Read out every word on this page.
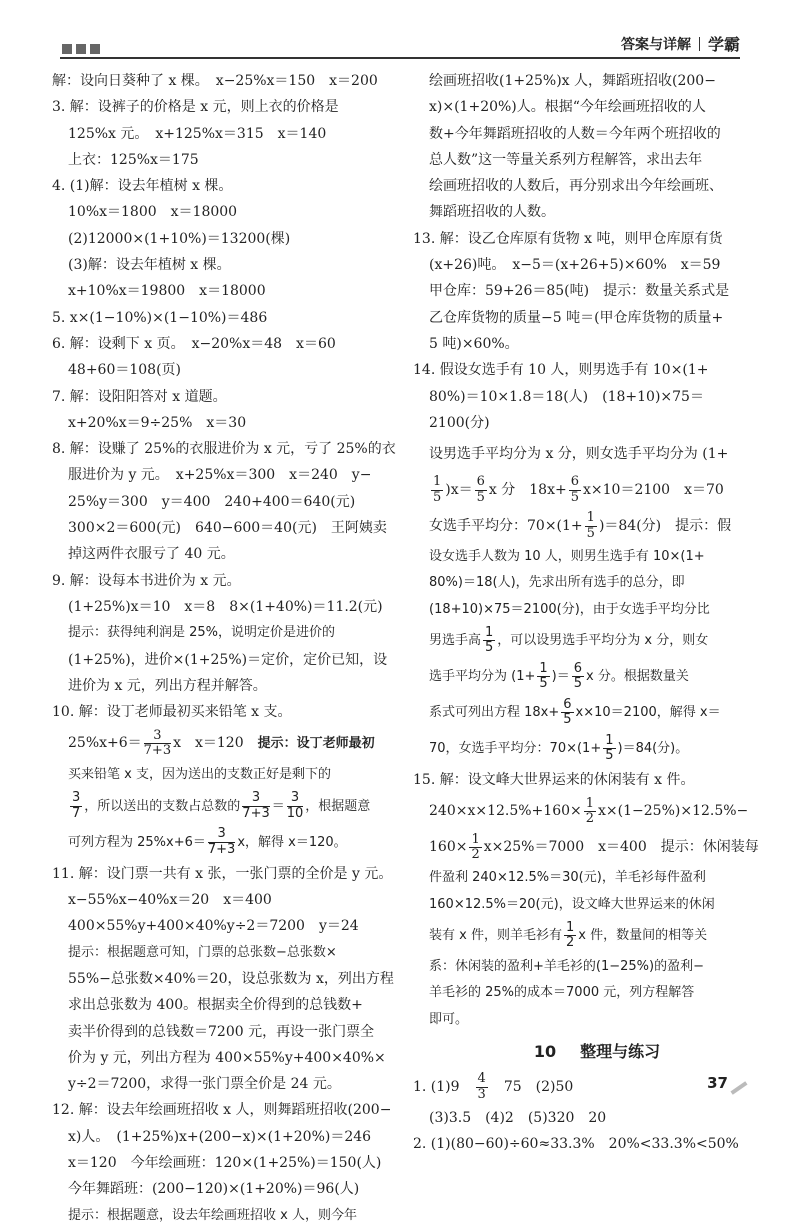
答案与详解 学霸
解：设向日葵种了 x 棵。　x−25%x＝150　x＝200
3. 解：设裤子的价格是 x 元，则上衣的价格是
125%x 元。　x+125%x＝315　x＝140
上衣：125%x＝175
4. (1)解：设去年植树 x 棵。
10%x＝1800　x＝18000
(2)12000×(1+10%)＝13200(棵)
(3)解：设去年植树 x 棵。
x+10%x＝19800　x＝18000
5. x×(1−10%)×(1−10%)＝486
6. 解：设剩下 x 页。　x−20%x＝48　x＝60
48+60＝108(页)
7. 解：设阳阳答对 x 道题。
x+20%x＝9÷25%　x＝30
8. 解：设赚了 25%的衣服进价为 x 元，亏了 25%的衣
服进价为 y 元。　x+25%x＝300　x＝240　y−
25%y＝300　y＝400　240+400＝640(元)
300×2＝600(元)　640−600＝40(元)　王阿姨卖
掉这两件衣服亏了 40 元。
9. 解：设每本书进价为 x 元。
(1+25%)x＝10　x＝8　8×(1+40%)＝11.2(元)
提示：获得纯利润是 25%，说明定价是进价的
(1+25%)，进价×(1+25%)＝定价，定价已知，设
进价为 x 元，列出方程并解答。
10. 解：设丁老师最初买来铅笔 x 支。
$25\%x+6= \frac{3}{7+3}$ x　x＝120　提示：设丁老师最初
买来铅笔 x 支，因为送出的支数正好是剩下的
$\frac{3}{7}$ ，所以送出的支数占总数的 $\frac{3}{7+3} = \frac{3}{10}$ ，根据题意
可列方程为 $25\%x+6= \frac{3}{7+3}$ x，解得 x＝120。
11. 解：设门票一共有 x 张，一张门票的全价是 y 元。
x−55%x−40%x＝20　x＝400
400×55%y+400×40%y÷2＝7200　y＝24
提示：根据题意可知，门票的总张数−总张数×
55%−总张数×40%＝20，设总张数为 x，列出方程
求出总张数为 400。根据卖全价得到的总钱数+
卖半价得到的总钱数＝7200 元，再设一张门票全
价为 y 元，列出方程为 400×55%y+400×40%×
y÷2＝7200，求得一张门票全价是 24 元。
12. 解：设去年绘画班招收 x 人，则舞蹈班招收(200−
x)人。　(1+25%)x+(200−x)×(1+20%)＝246
x＝120　今年绘画班：120×(1+25%)＝150(人)
今年舞蹈班：(200−120)×(1+20%)＝96(人)
提示：根据题意，设去年绘画班招收 x 人，则今年
绘画班招收(1+25%)x 人，舞蹈班招收(200−
x)×(1+20%)人。根据“今年绘画班招收的人
数+今年舞蹈班招收的人数＝今年两个班招收的
总人数”这一等量关系列方程解答，求出去年
绘画班招收的人数后，再分别求出今年绘画班、
舞蹈班招收的人数。
13. 解：设乙仓库原有货物 x 吨，则甲仓库原有货
(x+26)吨。　x−5＝(x+26+5)×60%　x＝59
甲仓库：59+26＝85(吨)　提示：数量关系式是
乙仓库货物的质量−5 吨＝(甲仓库货物的质量+
5 吨)×60%。
14. 假设女选手有 10 人，则男选手有 10×(1+
80%)＝10×1.8＝18(人)　(18+10)×75＝
2100(分)
设男选手平均分为 x 分，则女选手平均分为 (1+
$\frac{1}{5} )x= \frac{6}{5}$ x 分　$18x+ \frac{6}{5} x\times 10=2100$　x＝70
女选手平均分：$70\times(1+ \frac{1}{5} )=84$(分)　提示：假
设女选手人数为 10 人，则男生选手有 10×(1+
80%)＝18(人)，先求出所有选手的总分，即
(18+10)×75＝2100(分)，由于女选手平均分比
男选手高 $\frac{1}{5}$ ，可以设男选手平均分为 x 分，则女
选手平均分为 ($1+ \frac{1}{5}$ )＝ $\frac{6}{5}$ x 分。根据数量关
系式可列出方程 $18x+ \frac{6}{5} x\times 10=2100$，解得 x＝
70，女选手平均分：$70\times(1+ \frac{1}{5} )=84$(分)。
15. 解：设文峰大世界运来的休闲装有 x 件。
$240\times x\times 12.5\%+160\times \frac{1}{2} x\times(1-25\%)\times 12.5\%-$
$160\times \frac{1}{2} x\times 25\%=7000$　x＝400　提示：休闲装每
件盈利 240×12.5%＝30(元)，羊毛衫每件盈利
160×12.5%＝20(元)，设文峰大世界运来的休闲
装有 x 件，则羊毛衫有 $\frac{1}{2}$ x 件，数量间的相等关
系：休闲装的盈利+羊毛衫的(1−25%)的盈利−
羊毛衫的 25%的成本＝7000 元，列方程解答
即可。
10 整理与练习
1. (1)9　 $\frac{4}{3}$ 　75　(2)50
(3)3.5　(4)2　(5)320　20
2. (1)(80−60)÷60≈33.3%　20%<33.3%<50%
37
